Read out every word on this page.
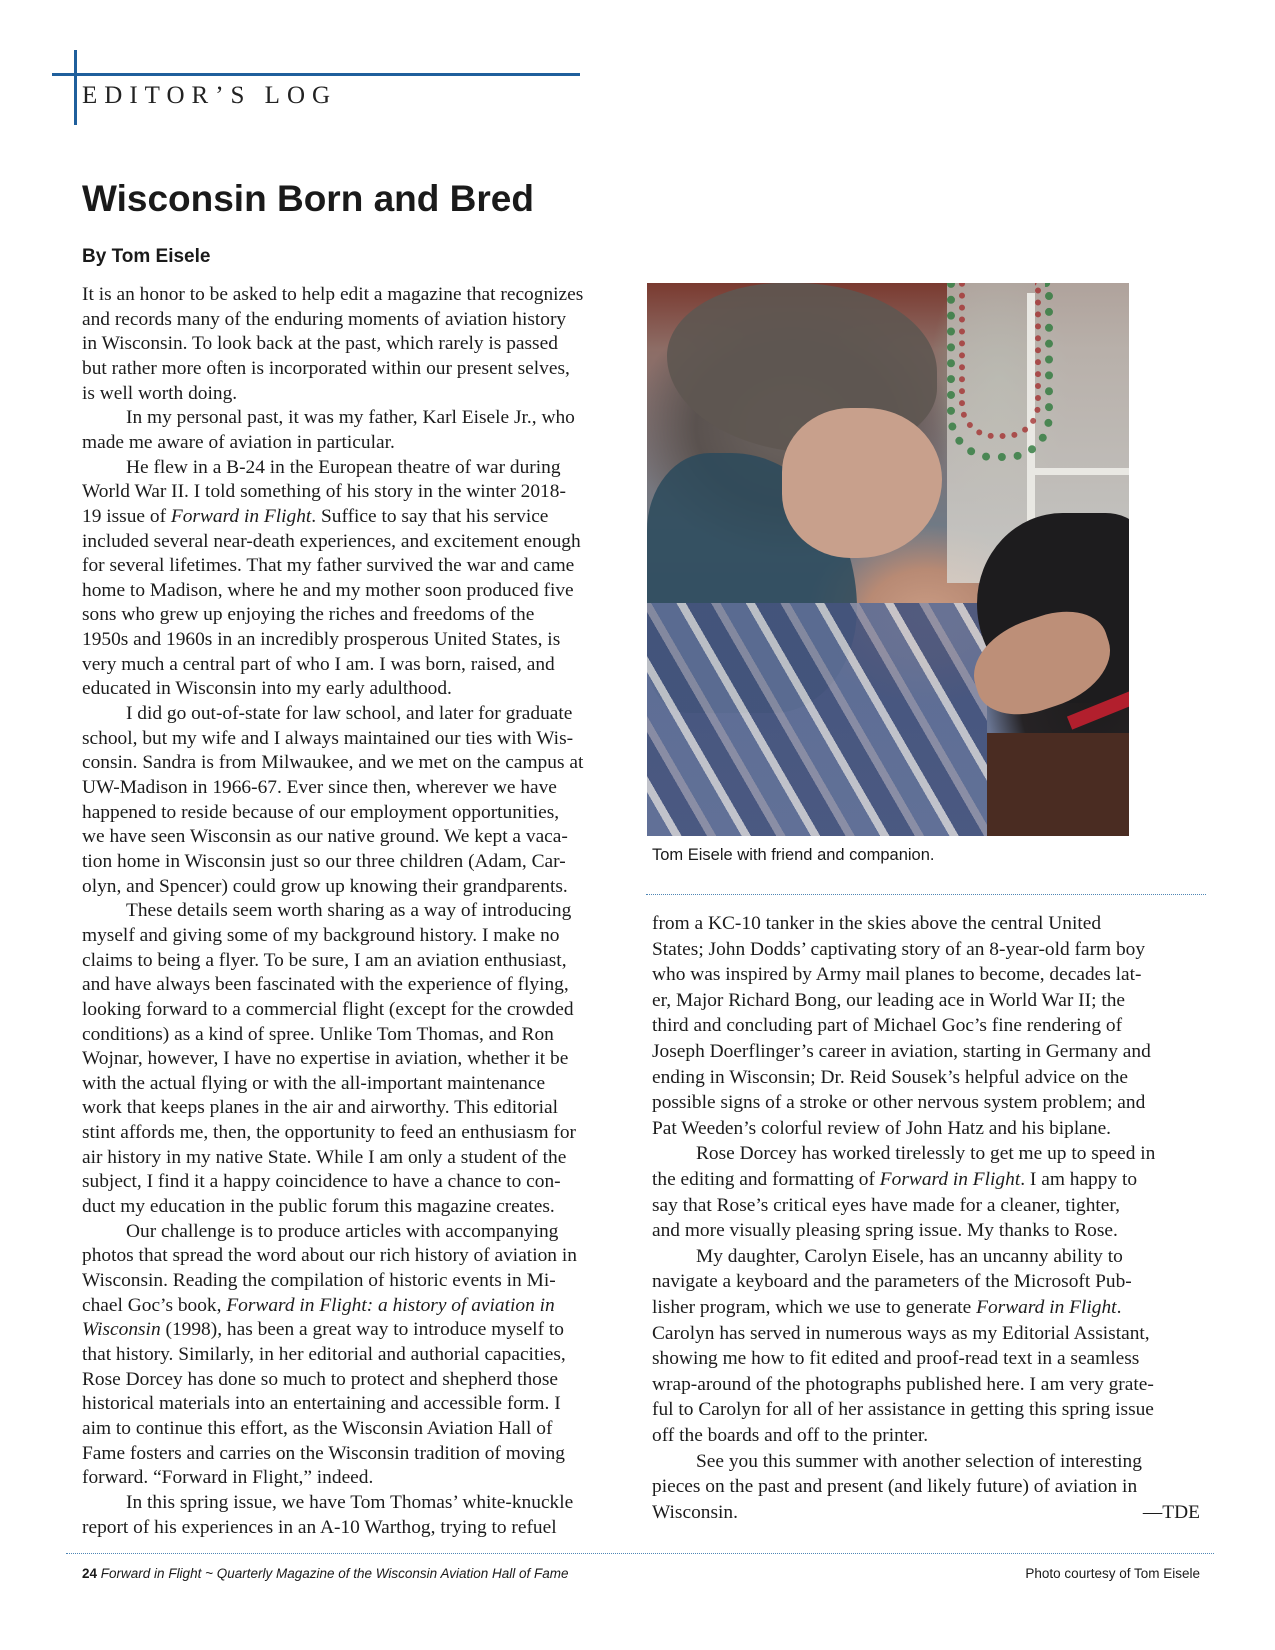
EDITOR’S LOG
Wisconsin Born and Bred
By Tom Eisele
It is an honor to be asked to help edit a magazine that recognizes
and records many of the enduring moments of aviation history
in Wisconsin. To look back at the past, which rarely is passed
but rather more often is incorporated within our present selves,
is well worth doing.
In my personal past, it was my father, Karl Eisele Jr., who
made me aware of aviation in particular.
He flew in a B-24 in the European theatre of war during
World War II. I told something of his story in the winter 2018-
19 issue of Forward in Flight. Suffice to say that his service
included several near-death experiences, and excitement enough
for several lifetimes. That my father survived the war and came
home to Madison, where he and my mother soon produced five
sons who grew up enjoying the riches and freedoms of the
1950s and 1960s in an incredibly prosperous United States, is
very much a central part of who I am. I was born, raised, and
educated in Wisconsin into my early adulthood.
I did go out-of-state for law school, and later for graduate
school, but my wife and I always maintained our ties with Wis-
consin. Sandra is from Milwaukee, and we met on the campus at
UW-Madison in 1966-67. Ever since then, wherever we have
happened to reside because of our employment opportunities,
we have seen Wisconsin as our native ground. We kept a vaca-
tion home in Wisconsin just so our three children (Adam, Car-
olyn, and Spencer) could grow up knowing their grandparents.
These details seem worth sharing as a way of introducing
myself and giving some of my background history. I make no
claims to being a flyer. To be sure, I am an aviation enthusiast,
and have always been fascinated with the experience of flying,
looking forward to a commercial flight (except for the crowded
conditions) as a kind of spree. Unlike Tom Thomas, and Ron
Wojnar, however, I have no expertise in aviation, whether it be
with the actual flying or with the all-important maintenance
work that keeps planes in the air and airworthy. This editorial
stint affords me, then, the opportunity to feed an enthusiasm for
air history in my native State. While I am only a student of the
subject, I find it a happy coincidence to have a chance to con-
duct my education in the public forum this magazine creates.
Our challenge is to produce articles with accompanying
photos that spread the word about our rich history of aviation in
Wisconsin. Reading the compilation of historic events in Mi-
chael Goc’s book, Forward in Flight: a history of aviation in
Wisconsin (1998), has been a great way to introduce myself to
that history. Similarly, in her editorial and authorial capacities,
Rose Dorcey has done so much to protect and shepherd those
historical materials into an entertaining and accessible form. I
aim to continue this effort, as the Wisconsin Aviation Hall of
Fame fosters and carries on the Wisconsin tradition of moving
forward. “Forward in Flight,” indeed.
In this spring issue, we have Tom Thomas’ white-knuckle
report of his experiences in an A-10 Warthog, trying to refuel
Tom Eisele with friend and companion.
from a KC-10 tanker in the skies above the central United
States; John Dodds’ captivating story of an 8-year-old farm boy
who was inspired by Army mail planes to become, decades lat-
er, Major Richard Bong, our leading ace in World War II; the
third and concluding part of Michael Goc’s fine rendering of
Joseph Doerflinger’s career in aviation, starting in Germany and
ending in Wisconsin; Dr. Reid Sousek’s helpful advice on the
possible signs of a stroke or other nervous system problem; and
Pat Weeden’s colorful review of John Hatz and his biplane.
Rose Dorcey has worked tirelessly to get me up to speed in
the editing and formatting of Forward in Flight. I am happy to
say that Rose’s critical eyes have made for a cleaner, tighter,
and more visually pleasing spring issue. My thanks to Rose.
My daughter, Carolyn Eisele, has an uncanny ability to
navigate a keyboard and the parameters of the Microsoft Pub-
lisher program, which we use to generate Forward in Flight.
Carolyn has served in numerous ways as my Editorial Assistant,
showing me how to fit edited and proof-read text in a seamless
wrap-around of the photographs published here. I am very grate-
ful to Carolyn for all of her assistance in getting this spring issue
off the boards and off to the printer.
See you this summer with another selection of interesting
pieces on the past and present (and likely future) of aviation in
Wisconsin.	—TDE
24 Forward in Flight ~ Quarterly Magazine of the Wisconsin Aviation Hall of Fame	Photo courtesy of Tom Eisele
